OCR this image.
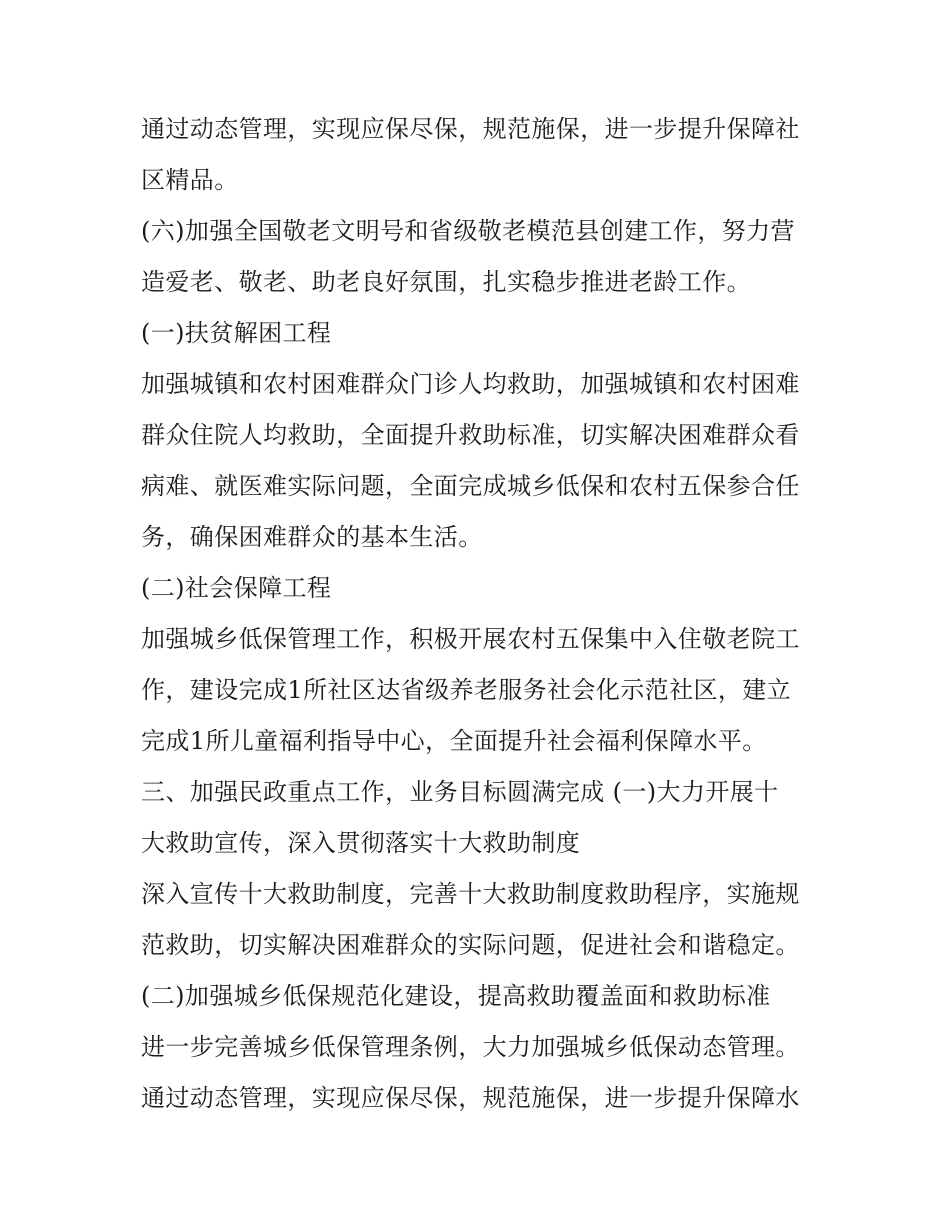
通过动态管理，实现应保尽保，规范施保，进一步提升保障社
区精品。
(六)加强全国敬老文明号和省级敬老模范县创建工作，努力营
造爱老、敬老、助老良好氛围，扎实稳步推进老龄工作。
(一)扶贫解困工程
加强城镇和农村困难群众门诊人均救助，加强城镇和农村困难
群众住院人均救助，全面提升救助标准，切实解决困难群众看
病难、就医难实际问题，全面完成城乡低保和农村五保参合任
务，确保困难群众的基本生活。
(二)社会保障工程
加强城乡低保管理工作，积极开展农村五保集中入住敬老院工
作，建设完成1所社区达省级养老服务社会化示范社区，建立
完成1所儿童福利指导中心，全面提升社会福利保障水平。
三、加强民政重点工作，业务目标圆满完成 (一)大力开展十
大救助宣传，深入贯彻落实十大救助制度
深入宣传十大救助制度，完善十大救助制度救助程序，实施规
范救助，切实解决困难群众的实际问题，促进社会和谐稳定。
(二)加强城乡低保规范化建设，提高救助覆盖面和救助标准
进一步完善城乡低保管理条例，大力加强城乡低保动态管理。
通过动态管理，实现应保尽保，规范施保，进一步提升保障水
